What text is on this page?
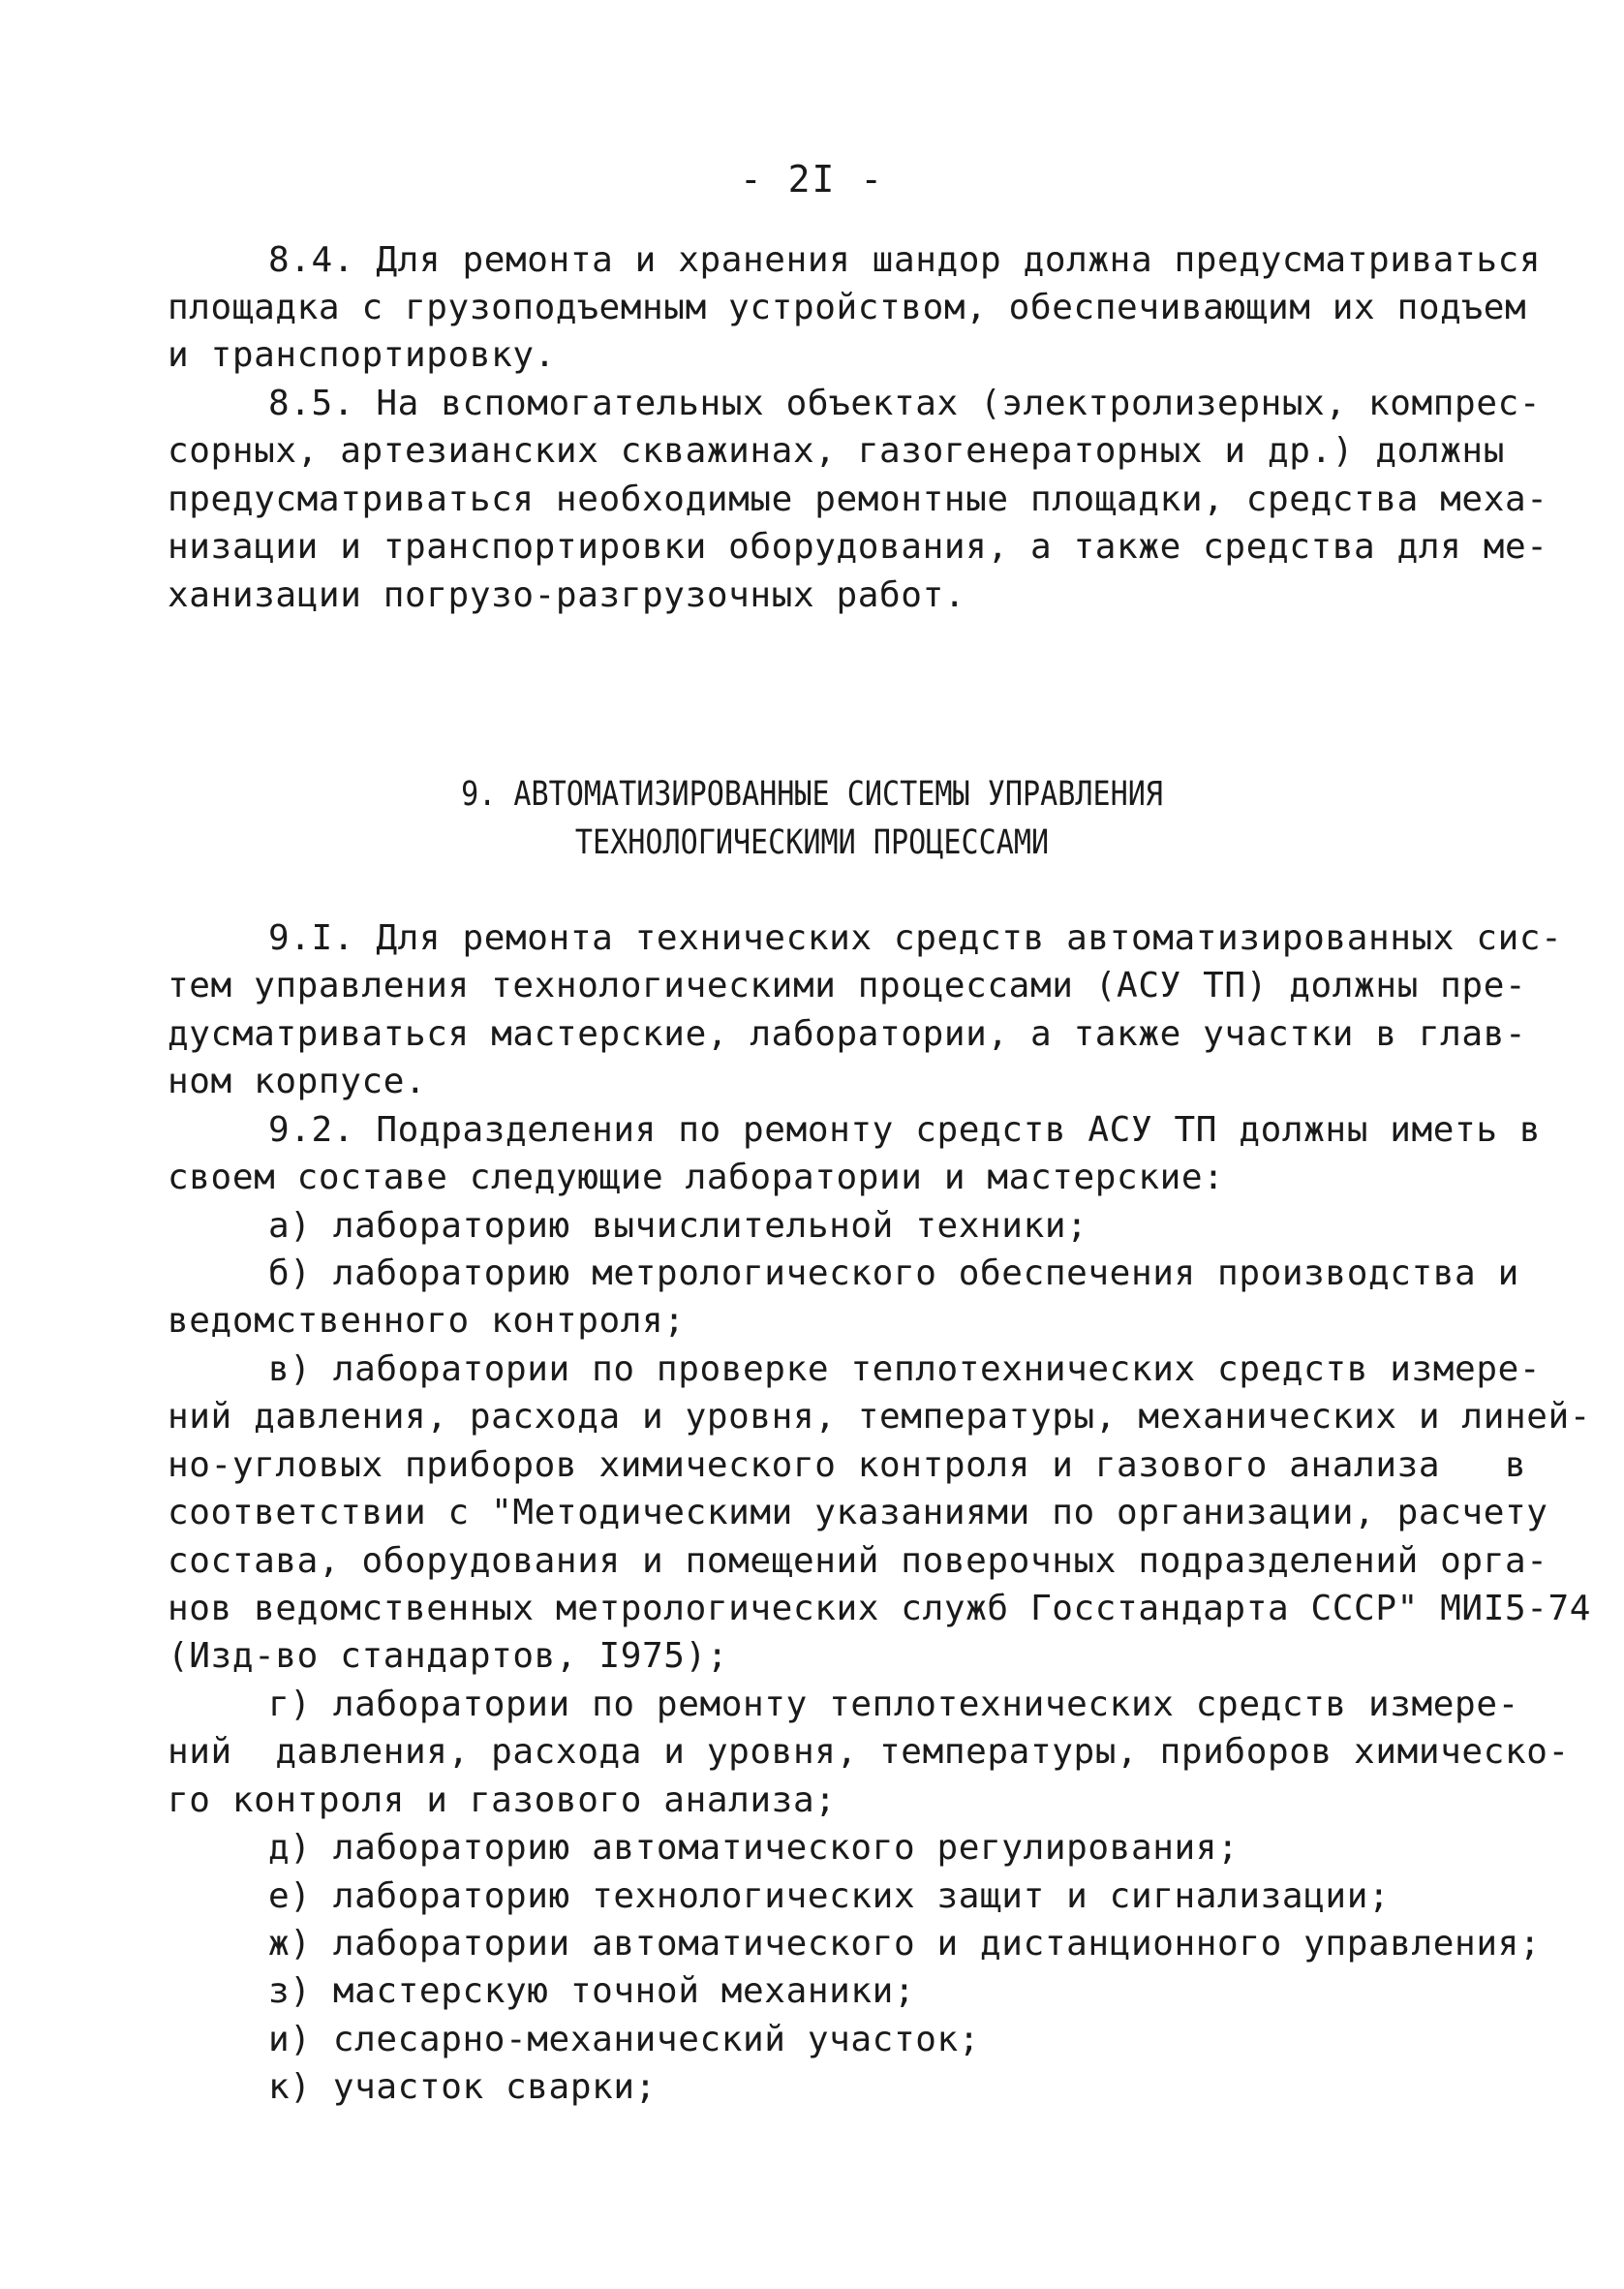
- 2I -
8.4. Для ремонта и хранения шандор должна предусматриваться
площадка с грузоподъемным устройством, обеспечивающим их подъем
и транспортировку.
8.5. На вспомогательных объектах (электролизерных, компрес-
сорных, артезианских скважинах, газогенераторных и др.) должны
предусматриваться необходимые ремонтные площадки, средства меха-
низации и транспортировки оборудования, а также средства для ме-
ханизации погрузо-разгрузочных работ.
9. АВТОМАТИЗИРОВАННЫЕ СИСТЕМЫ УПРАВЛЕНИЯ
ТЕХНОЛОГИЧЕСКИМИ ПРОЦЕССАМИ
9.I. Для ремонта технических средств автоматизированных сис-
тем управления технологическими процессами (АСУ ТП) должны пре-
дусматриваться мастерские, лаборатории, а также участки в глав-
ном корпусе.
9.2. Подразделения по ремонту средств АСУ ТП должны иметь в
своем составе следующие лаборатории и мастерские:
а) лабораторию вычислительной техники;
б) лабораторию метрологического обеспечения производства и
ведомственного контроля;
в) лаборатории по проверке теплотехнических средств измере-
ний давления, расхода и уровня, температуры, механических и линей-
но-угловых приборов химического контроля и газового анализа   в
соответствии с "Методическими указаниями по организации, расчету
состава, оборудования и помещений поверочных подразделений орга-
нов ведомственных метрологических служб Госстандарта СССР" МИI5-74
(Изд-во стандартов, I975);
г) лаборатории по ремонту теплотехнических средств измере-
ний  давления, расхода и уровня, температуры, приборов химическо-
го контроля и газового анализа;
д) лабораторию автоматического регулирования;
е) лабораторию технологических защит и сигнализации;
ж) лаборатории автоматического и дистанционного управления;
з) мастерскую точной механики;
и) слесарно-механический участок;
к) участок сварки;
